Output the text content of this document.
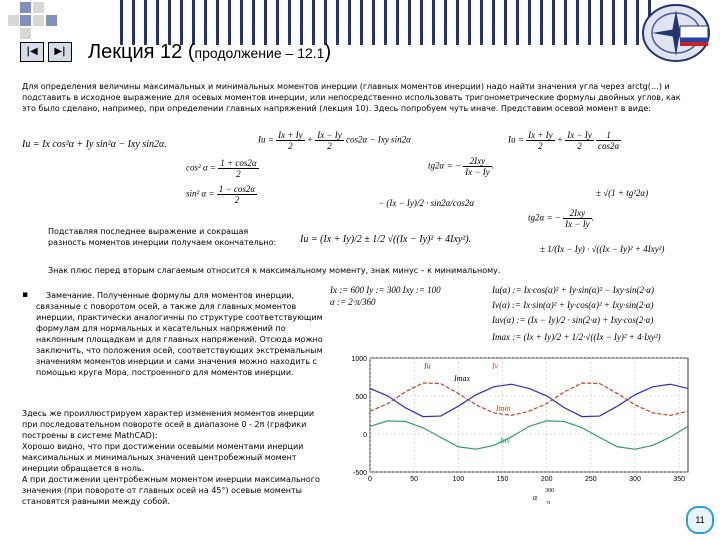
|◀	▶|	Лекция 12 (продолжение – 12.1)
Для определения величины максимальных и минимальных моментов инерции (главных моментов инерции) надо найти значения угла через arctg(…) и подставить в исходное выражение для осевых моментов инерции, или непосредственно использовать тригонометрические формулы двойных углов, как это было сделано, например, при определении главных напряжений (лекция 10). Здесь попробуем чуть иначе. Представим осевой момент в виде:
Iu = Ix cos²α + Iy sin²α − Ixy sin2α.	$Iu = \frac{Ix + Iy}{2} + \frac{Ix - Iy}{2} \cos 2\alpha$ − Ixy sin2α	$Iu = \frac{Ix + Iy}{2} + \frac{Ix - Iy}{2}$
$\frac{1}{\cos 2\alpha}$
cos² $\alpha = \frac{1 + \cos 2\alpha}{2}$
sin² $\alpha = \frac{1 - \cos 2\alpha}{2}$
tg2α = − $\frac{\text{2Ixy}}{Ix - Iy}$ .
− (Ix − Iy)/2 · sin2α/cos2α
± √(1 + tg²2α)
tg2α = − $\frac{\text{2Ixy}}{Ix - Iy}$ .
± 1/(Ix − Iy) · √((Ix − Iy)² + 4Ixy²)
Подставляя последнее выражение и сокращая
разность моментов инерции получаем окончательно:	Iu = (Ix + Iy)/2 ± 1/2 √((Ix − Iy)² + 4Ixy²).
Знак плюс перед вторым слагаемым относится к максимальному моменту, знак минус – к минимальному.
▪	Замечание. Полученные формулы для моментов инерции, связанные с поворотом осей, а также для главных моментов инерции, практически аналогичны по структуре соответствующим формулам для нормальных и касательных напряжений по наклонным площадкам и для главных напряжений. Отсюда можно заключить, что положения осей, соответствующих экстремальным значениям моментов инерции и сами значения можно находить с помощью круга Мора, построенного для моментов инерции.
Здесь же проиллюстрируем характер изменения моментов инерции при последовательном повороте осей в диапазоне 0 - 2π (графики построены в системе MathCAD):
Хорошо видно, что при достижении осевыми моментами инерции максимальных и минимальных значений центробежный момент инерции обращается в ноль.
А при достижении центробежным моментом инерции максимального значения (при повороте от главных осей на 45°) осевые моменты становятся равными между собой.
Ix := 600 Iy := 300 Ixy := 100
α := 2·π/360
Iu(α) := Ix·cos(α)² + Iy·sin(α)² − Ixy·sin(2·α)
Iv(α) := Ix·sin(α)² + Iy·cos(α)² + Ixy·sin(2·α)
Iuv(α) := (Ix − Iy)/2 · sin(2·α) + Ixy·cos(2·α)
Imax := (Ix + Iy)/2 + 1/2·√((Ix − Iy)² + 4·Ixy²)
1000
500
0
-500
0	50	100	150	200	250	300	350
Iu	Iv
Imax
Imin
Iuv
300
α
π
11
